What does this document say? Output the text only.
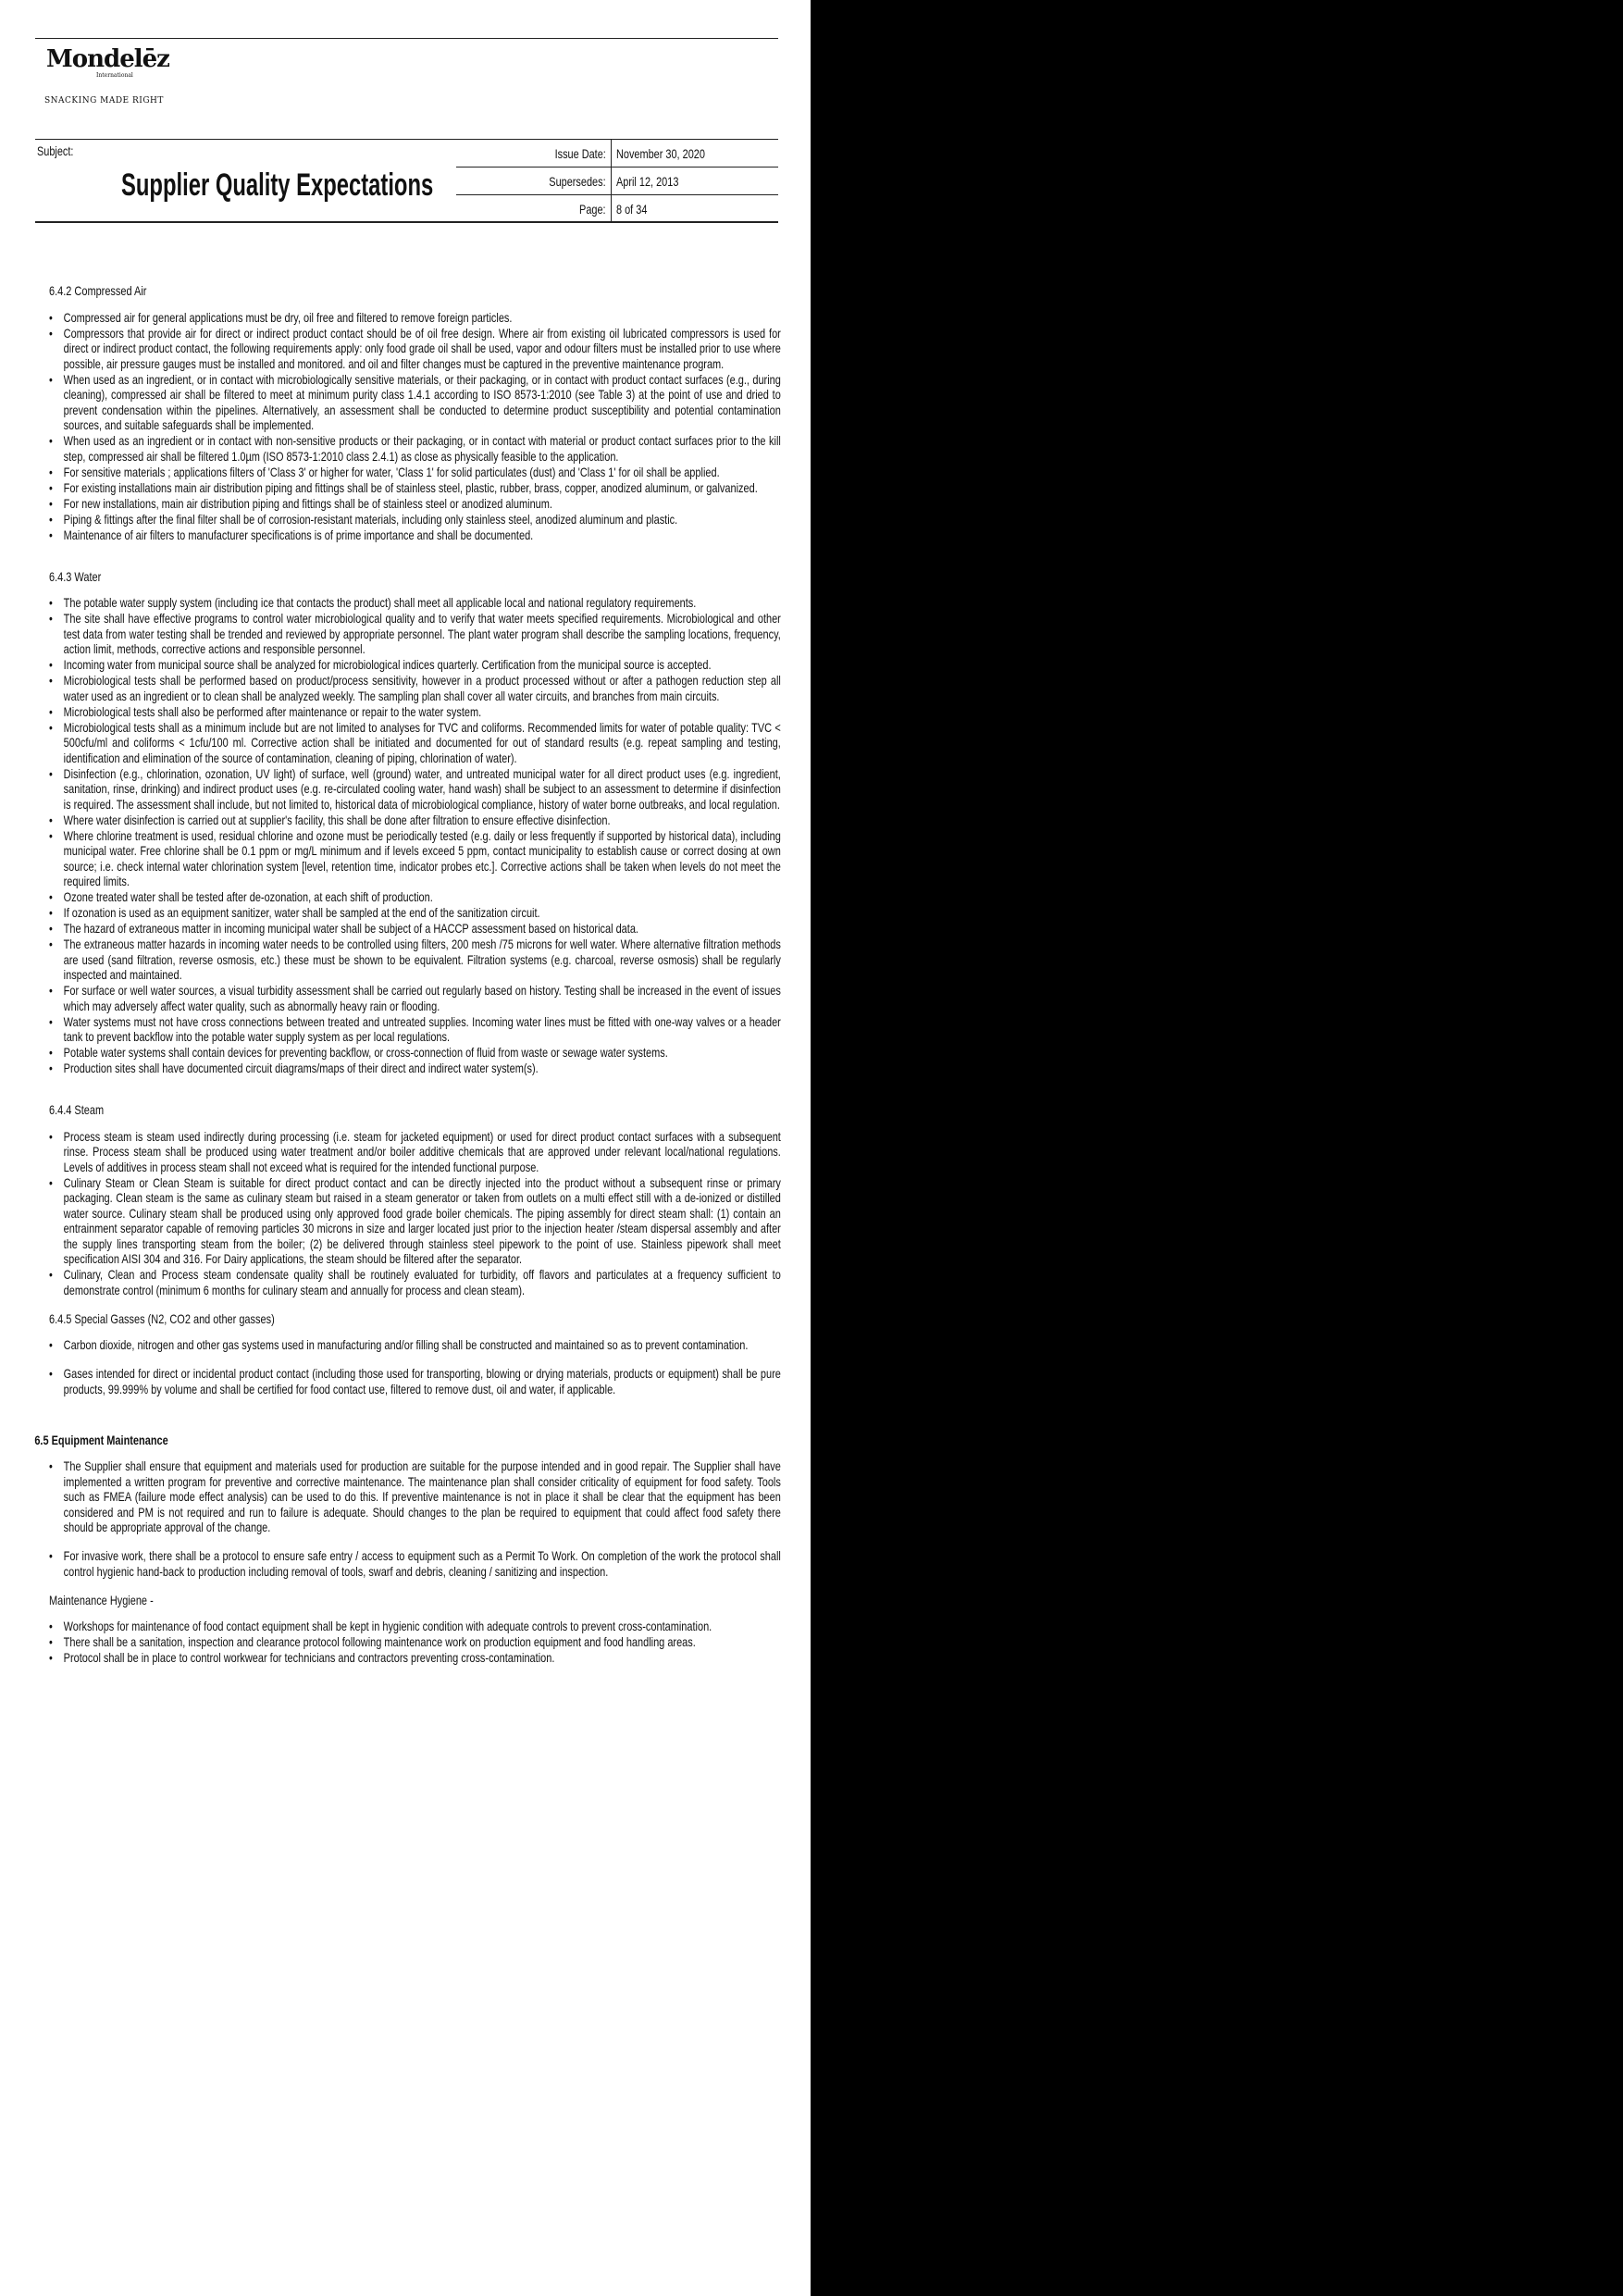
Mondelēz
International
SNACKING MADE RIGHT
Subject:
Supplier Quality Expectations
Issue Date:	November 30, 2020
Supersedes:	April 12, 2013
Page:	8 of 34
6.4.2 Compressed Air
• Compressed air for general applications must be dry, oil free and filtered to remove foreign particles.
• Compressors that provide air for direct or indirect product contact should be of oil free design. Where air from existing oil lubricated compressors is used for direct or indirect product contact, the following requirements apply: only food grade oil shall be used, vapor and odour filters must be installed prior to use where possible, air pressure gauges must be installed and monitored. and oil and filter changes must be captured in the preventive maintenance program.
• When used as an ingredient, or in contact with microbiologically sensitive materials, or their packaging, or in contact with product contact surfaces (e.g., during cleaning), compressed air shall be filtered to meet at minimum purity class 1.4.1 according to ISO 8573-1:2010 (see Table 3) at the point of use and dried to prevent condensation within the pipelines. Alternatively, an assessment shall be conducted to determine product susceptibility and potential contamination sources, and suitable safeguards shall be implemented.
• When used as an ingredient or in contact with non-sensitive products or their packaging, or in contact with material or product contact surfaces prior to the kill step, compressed air shall be filtered 1.0µm (ISO 8573-1:2010 class 2.4.1) as close as physically feasible to the application.
• For sensitive materials ; applications filters of 'Class 3' or higher for water, 'Class 1' for solid particulates (dust) and 'Class 1' for oil shall be applied.
• For existing installations main air distribution piping and fittings shall be of stainless steel, plastic, rubber, brass, copper, anodized aluminum, or galvanized.
• For new installations, main air distribution piping and fittings shall be of stainless steel or anodized aluminum.
• Piping & fittings after the final filter shall be of corrosion-resistant materials, including only stainless steel, anodized aluminum and plastic.
• Maintenance of air filters to manufacturer specifications is of prime importance and shall be documented.
6.4.3 Water
• The potable water supply system (including ice that contacts the product) shall meet all applicable local and national regulatory requirements.
• The site shall have effective programs to control water microbiological quality and to verify that water meets specified requirements. Microbiological and other test data from water testing shall be trended and reviewed by appropriate personnel. The plant water program shall describe the sampling locations, frequency, action limit, methods, corrective actions and responsible personnel.
• Incoming water from municipal source shall be analyzed for microbiological indices quarterly. Certification from the municipal source is accepted.
• Microbiological tests shall be performed based on product/process sensitivity, however in a product processed without or after a pathogen reduction step all water used as an ingredient or to clean shall be analyzed weekly. The sampling plan shall cover all water circuits, and branches from main circuits.
• Microbiological tests shall also be performed after maintenance or repair to the water system.
• Microbiological tests shall as a minimum include but are not limited to analyses for TVC and coliforms. Recommended limits for water of potable quality: TVC < 500cfu/ml and coliforms < 1cfu/100 ml. Corrective action shall be initiated and documented for out of standard results (e.g. repeat sampling and testing, identification and elimination of the source of contamination, cleaning of piping, chlorination of water).
• Disinfection (e.g., chlorination, ozonation, UV light) of surface, well (ground) water, and untreated municipal water for all direct product uses (e.g. ingredient, sanitation, rinse, drinking) and indirect product uses (e.g. re-circulated cooling water, hand wash) shall be subject to an assessment to determine if disinfection is required. The assessment shall include, but not limited to, historical data of microbiological compliance, history of water borne outbreaks, and local regulation.
• Where water disinfection is carried out at supplier's facility, this shall be done after filtration to ensure effective disinfection.
• Where chlorine treatment is used, residual chlorine and ozone must be periodically tested (e.g. daily or less frequently if supported by historical data), including municipal water. Free chlorine shall be 0.1 ppm or mg/L minimum and if levels exceed 5 ppm, contact municipality to establish cause or correct dosing at own source; i.e. check internal water chlorination system [level, retention time, indicator probes etc.]. Corrective actions shall be taken when levels do not meet the required limits.
• Ozone treated water shall be tested after de-ozonation, at each shift of production.
• If ozonation is used as an equipment sanitizer, water shall be sampled at the end of the sanitization circuit.
• The hazard of extraneous matter in incoming municipal water shall be subject of a HACCP assessment based on historical data.
• The extraneous matter hazards in incoming water needs to be controlled using filters, 200 mesh /75 microns for well water. Where alternative filtration methods are used (sand filtration, reverse osmosis, etc.) these must be shown to be equivalent. Filtration systems (e.g. charcoal, reverse osmosis) shall be regularly inspected and maintained.
• For surface or well water sources, a visual turbidity assessment shall be carried out regularly based on history. Testing shall be increased in the event of issues which may adversely affect water quality, such as abnormally heavy rain or flooding.
• Water systems must not have cross connections between treated and untreated supplies. Incoming water lines must be fitted with one-way valves or a header tank to prevent backflow into the potable water supply system as per local regulations.
• Potable water systems shall contain devices for preventing backflow, or cross-connection of fluid from waste or sewage water systems.
• Production sites shall have documented circuit diagrams/maps of their direct and indirect water system(s).
6.4.4 Steam
• Process steam is steam used indirectly during processing (i.e. steam for jacketed equipment) or used for direct product contact surfaces with a subsequent rinse. Process steam shall be produced using water treatment and/or boiler additive chemicals that are approved under relevant local/national regulations. Levels of additives in process steam shall not exceed what is required for the intended functional purpose.
• Culinary Steam or Clean Steam is suitable for direct product contact and can be directly injected into the product without a subsequent rinse or primary packaging. Clean steam is the same as culinary steam but raised in a steam generator or taken from outlets on a multi effect still with a de-ionized or distilled water source. Culinary steam shall be produced using only approved food grade boiler chemicals. The piping assembly for direct steam shall: (1) contain an entrainment separator capable of removing particles 30 microns in size and larger located just prior to the injection heater /steam dispersal assembly and after the supply lines transporting steam from the boiler; (2) be delivered through stainless steel pipework to the point of use. Stainless pipework shall meet specification AISI 304 and 316. For Dairy applications, the steam should be filtered after the separator.
• Culinary, Clean and Process steam condensate quality shall be routinely evaluated for turbidity, off flavors and particulates at a frequency sufficient to demonstrate control (minimum 6 months for culinary steam and annually for process and clean steam).
6.4.5 Special Gasses (N2, CO2 and other gasses)
• Carbon dioxide, nitrogen and other gas systems used in manufacturing and/or filling shall be constructed and maintained so as to prevent contamination.
• Gases intended for direct or incidental product contact (including those used for transporting, blowing or drying materials, products or equipment) shall be pure products, 99.999% by volume and shall be certified for food contact use, filtered to remove dust, oil and water, if applicable.
6.5 Equipment Maintenance
• The Supplier shall ensure that equipment and materials used for production are suitable for the purpose intended and in good repair. The Supplier shall have implemented a written program for preventive and corrective maintenance. The maintenance plan shall consider criticality of equipment for food safety. Tools such as FMEA (failure mode effect analysis) can be used to do this. If preventive maintenance is not in place it shall be clear that the equipment has been considered and PM is not required and run to failure is adequate. Should changes to the plan be required to equipment that could affect food safety there should be appropriate approval of the change.
• For invasive work, there shall be a protocol to ensure safe entry / access to equipment such as a Permit To Work. On completion of the work the protocol shall control hygienic hand-back to production including removal of tools, swarf and debris, cleaning / sanitizing and inspection.
Maintenance Hygiene -
• Workshops for maintenance of food contact equipment shall be kept in hygienic condition with adequate controls to prevent cross-contamination.
• There shall be a sanitation, inspection and clearance protocol following maintenance work on production equipment and food handling areas.
• Protocol shall be in place to control workwear for technicians and contractors preventing cross-contamination.
